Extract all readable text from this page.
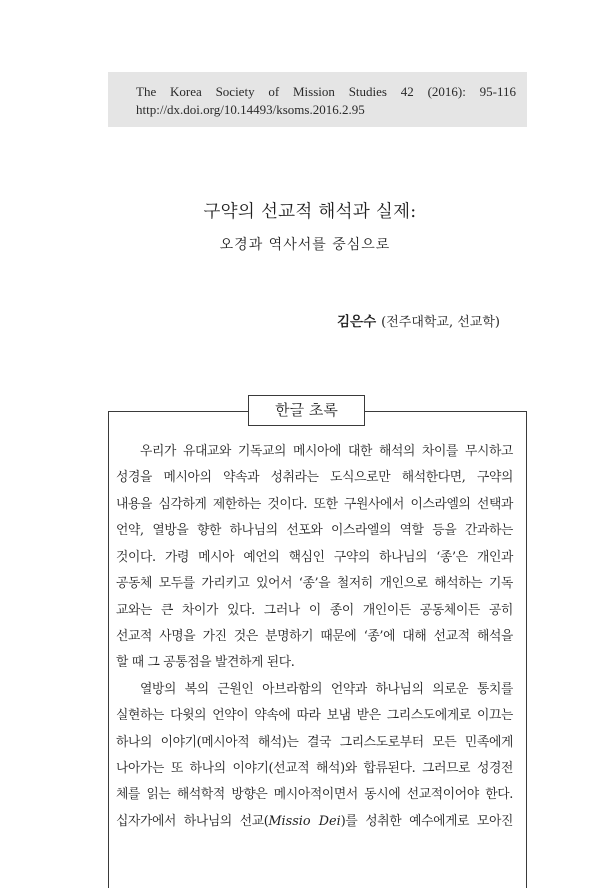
The Korea Society of Mission Studies 42 (2016): 95-116
http://dx.doi.org/10.14493/ksoms.2016.2.95
구약의 선교적 해석과 실제:
오경과 역사서를 중심으로
김은수 (전주대학교, 선교학)
한글 초록
우리가 유대교와 기독교의 메시아에 대한 해석의 차이를 무시하고
성경을 메시아의 약속과 성취라는 도식으로만 해석한다면, 구약의
내용을 심각하게 제한하는 것이다. 또한 구원사에서 이스라엘의 선택과
언약, 열방을 향한 하나님의 선포와 이스라엘의 역할 등을 간과하는
것이다. 가령 메시아 예언의 핵심인 구약의 하나님의 ‘종’은 개인과
공동체 모두를 가리키고 있어서 ‘종’을 철저히 개인으로 해석하는 기독
교와는 큰 차이가 있다. 그러나 이 종이 개인이든 공동체이든 공히
선교적 사명을 가진 것은 분명하기 때문에 ‘종’에 대해 선교적 해석을
할 때 그 공통점을 발견하게 된다.
열방의 복의 근원인 아브라함의 언약과 하나님의 의로운 통치를
실현하는 다윗의 언약이 약속에 따라 보냄 받은 그리스도에게로 이끄는
하나의 이야기(메시아적 해석)는 결국 그리스도로부터 모든 민족에게
나아가는 또 하나의 이야기(선교적 해석)와 합류된다. 그러므로 성경전
체를 읽는 해석학적 방향은 메시아적이면서 동시에 선교적이어야 한다.
십자가에서 하나님의 선교(Missio Dei)를 성취한 예수에게로 모아진
